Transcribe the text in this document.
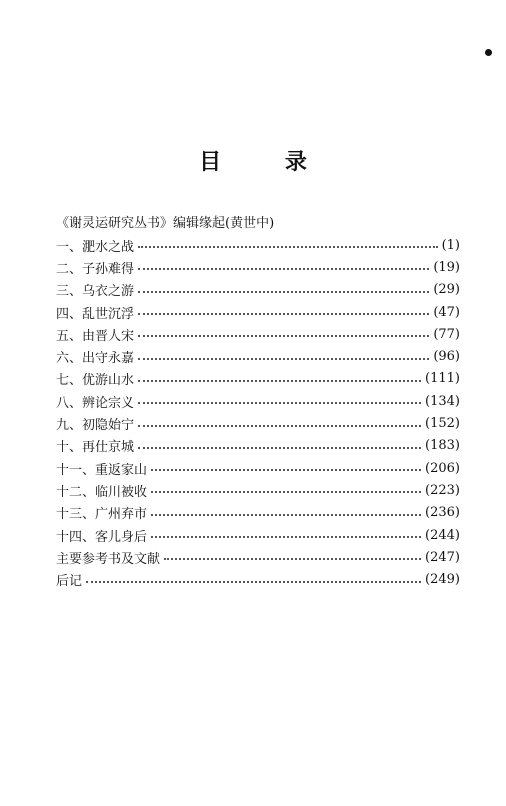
目 录
《谢灵运研究丛书》编辑缘起(黄世中)
一、淝水之战	(1)
二、子孙难得	(19)
三、乌衣之游	(29)
四、乱世沉浮	(47)
五、由晋人宋	(77)
六、出守永嘉	(96)
七、优游山水	(111)
八、辨论宗义	(134)
九、初隐始宁	(152)
十、再仕京城	(183)
十一、重返家山	(206)
十二、临川被收	(223)
十三、广州弃市	(236)
十四、客儿身后	(244)
主要参考书及文献	(247)
后记	(249)
